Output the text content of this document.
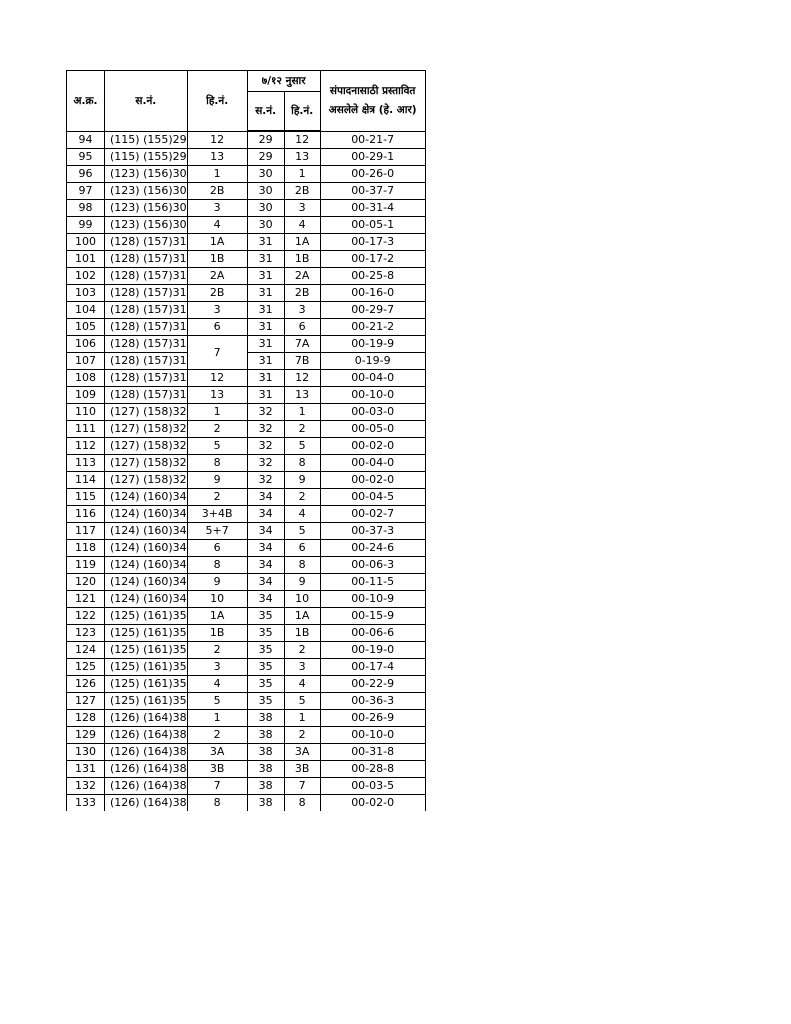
अ.क्र.	स.नं.	हि.नं.	७/१२ नुसार		संपादनासाठी प्रस्तावित असलेले क्षेत्र (हे. आर)
			स.नं.	हि.नं.	
94	(115) (155)29	12	29	12	00-21-7
95	(115) (155)29	13	29	13	00-29-1
96	(123) (156)30	1	30	1	00-26-0
97	(123) (156)30	2B	30	2B	00-37-7
98	(123) (156)30	3	30	3	00-31-4
99	(123) (156)30	4	30	4	00-05-1
100	(128) (157)31	1A	31	1A	00-17-3
101	(128) (157)31	1B	31	1B	00-17-2
102	(128) (157)31	2A	31	2A	00-25-8
103	(128) (157)31	2B	31	2B	00-16-0
104	(128) (157)31	3	31	3	00-29-7
105	(128) (157)31	6	31	6	00-21-2
106	(128) (157)31	7	31	7A	00-19-9
107	(128) (157)31		31	7B	0-19-9
108	(128) (157)31	12	31	12	00-04-0
109	(128) (157)31	13	31	13	00-10-0
110	(127) (158)32	1	32	1	00-03-0
111	(127) (158)32	2	32	2	00-05-0
112	(127) (158)32	5	32	5	00-02-0
113	(127) (158)32	8	32	8	00-04-0
114	(127) (158)32	9	32	9	00-02-0
115	(124) (160)34	2	34	2	00-04-5
116	(124) (160)34	3+4B	34	4	00-02-7
117	(124) (160)34	5+7	34	5	00-37-3
118	(124) (160)34	6	34	6	00-24-6
119	(124) (160)34	8	34	8	00-06-3
120	(124) (160)34	9	34	9	00-11-5
121	(124) (160)34	10	34	10	00-10-9
122	(125) (161)35	1A	35	1A	00-15-9
123	(125) (161)35	1B	35	1B	00-06-6
124	(125) (161)35	2	35	2	00-19-0
125	(125) (161)35	3	35	3	00-17-4
126	(125) (161)35	4	35	4	00-22-9
127	(125) (161)35	5	35	5	00-36-3
128	(126) (164)38	1	38	1	00-26-9
129	(126) (164)38	2	38	2	00-10-0
130	(126) (164)38	3A	38	3A	00-31-8
131	(126) (164)38	3B	38	3B	00-28-8
132	(126) (164)38	7	38	7	00-03-5
133	(126) (164)38	8	38	8	00-02-0
